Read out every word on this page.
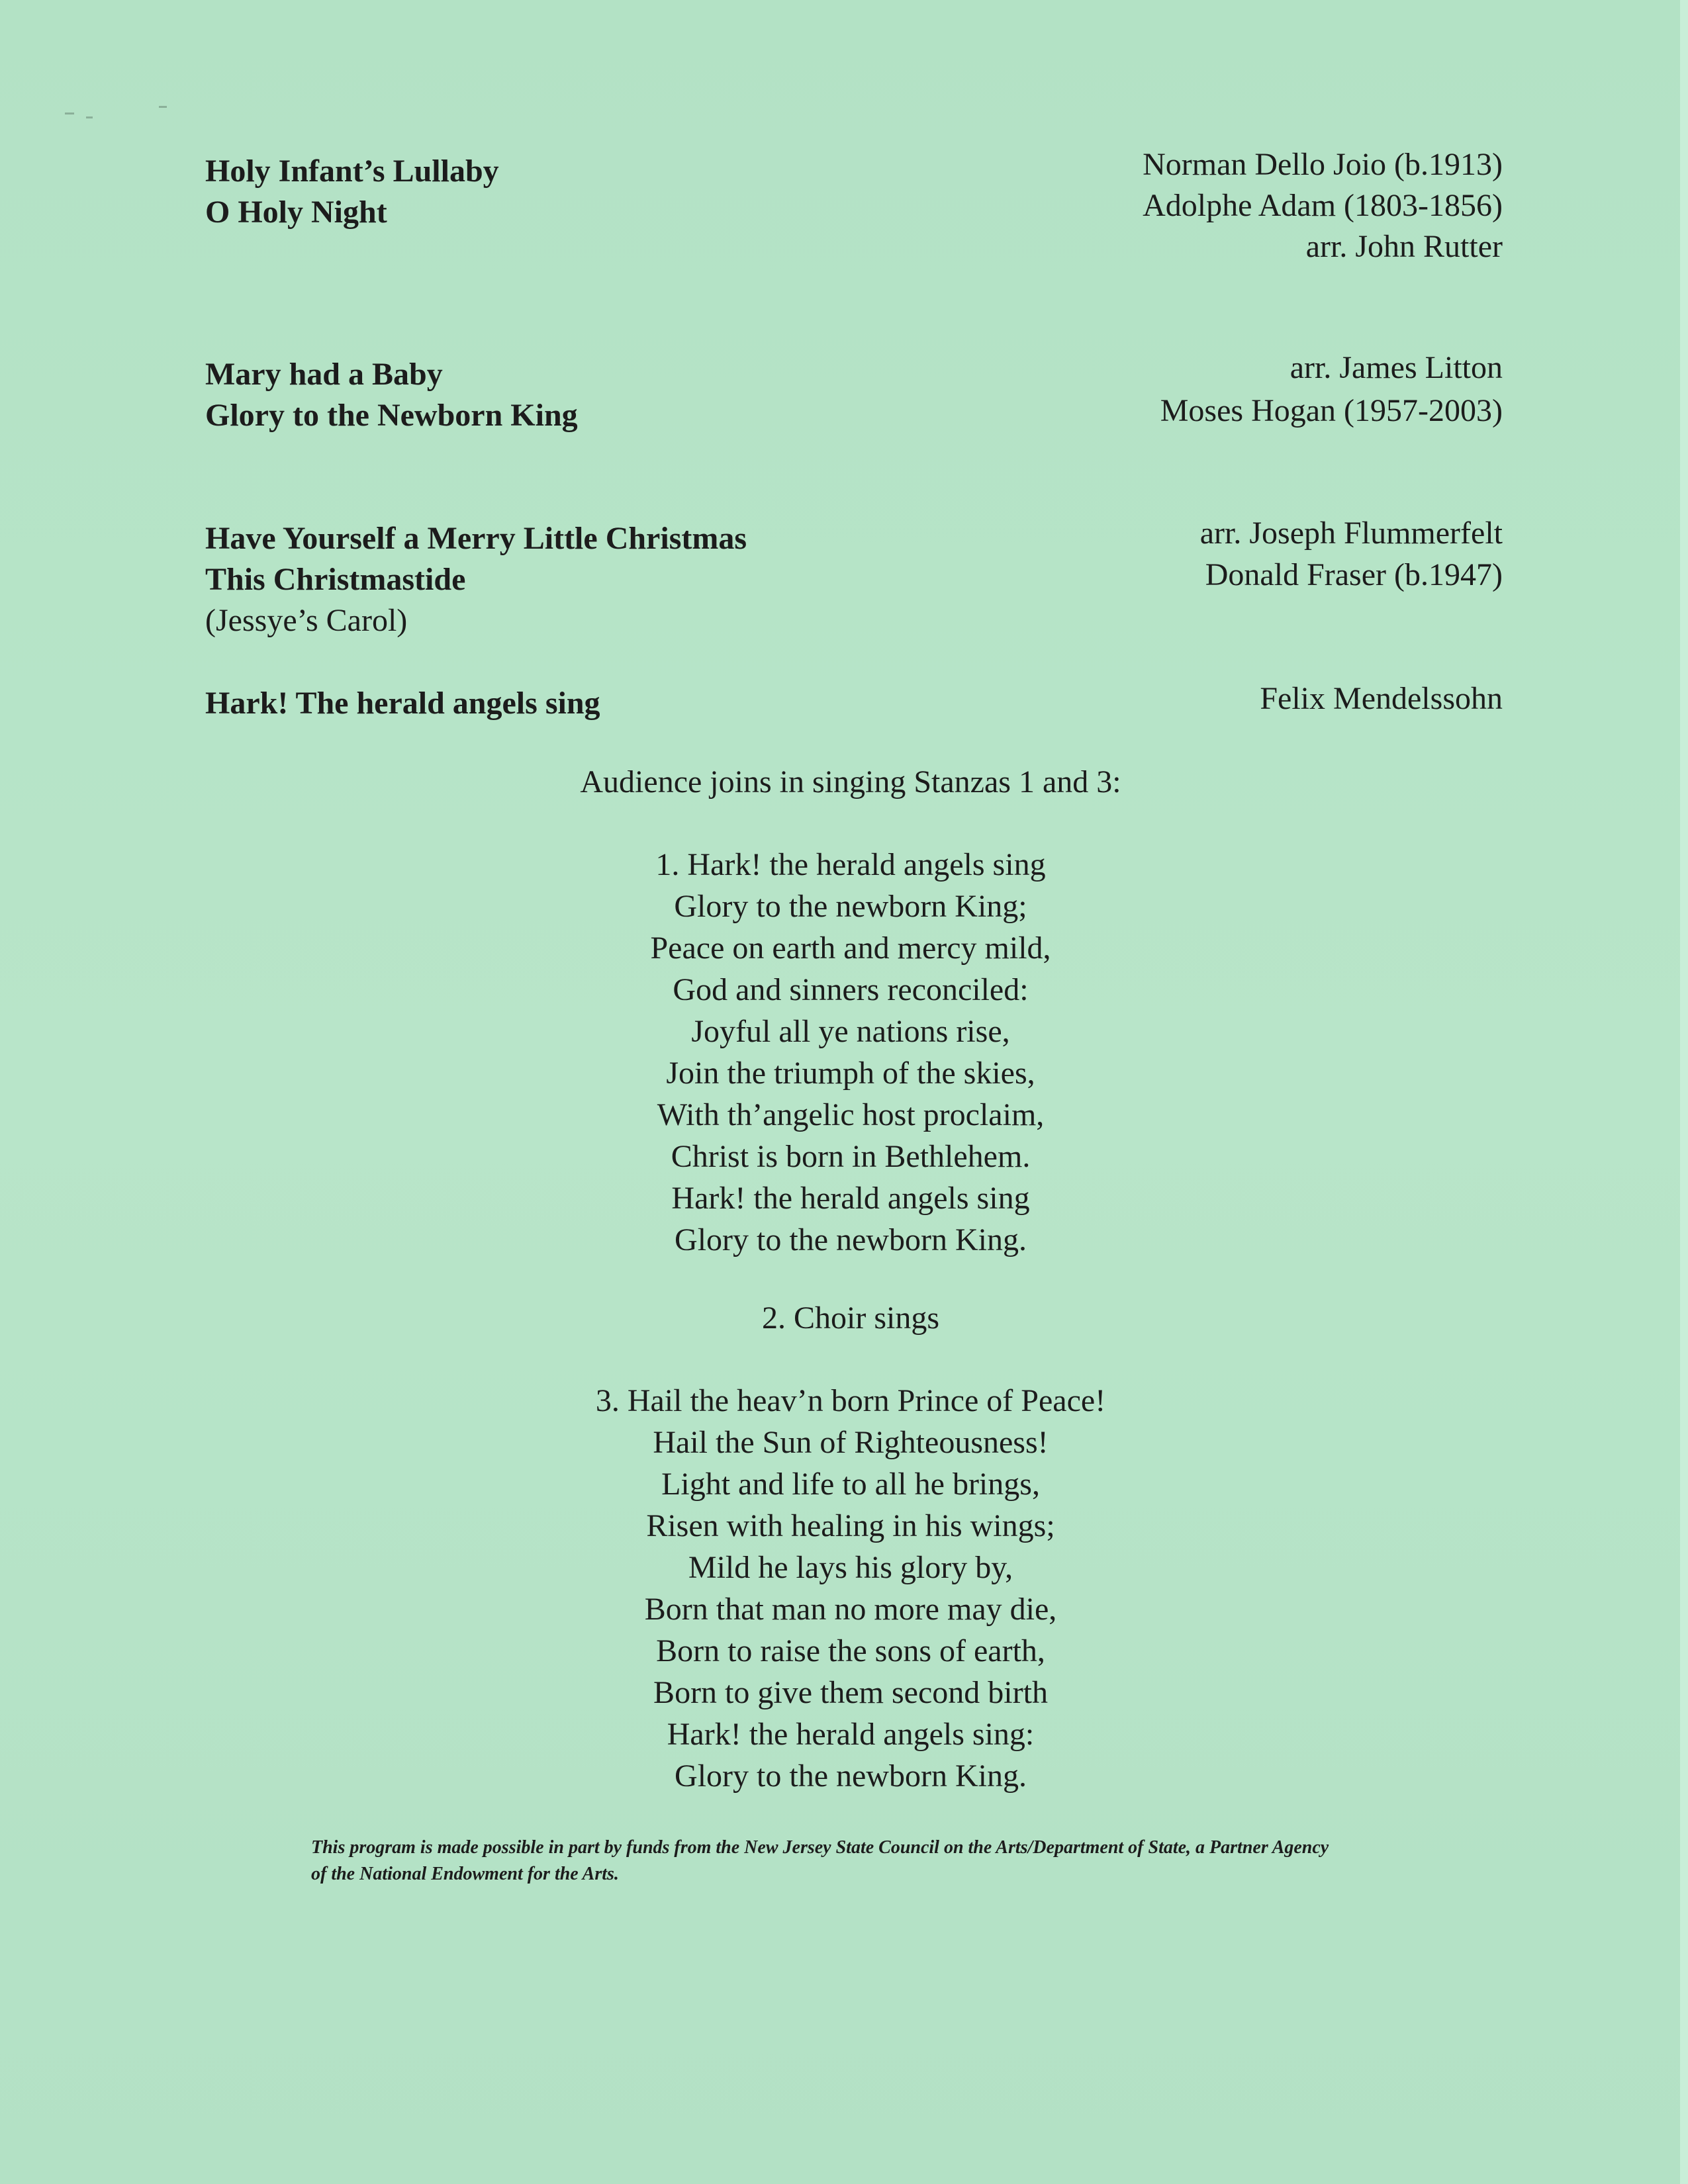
Holy Infant’s Lullaby
O Holy Night
Norman Dello Joio (b.1913)
Adolphe Adam (1803-1856)
arr. John Rutter
Mary had a Baby
Glory to the Newborn King
arr. James Litton
Moses Hogan (1957-2003)
Have Yourself a Merry Little Christmas
This Christmastide
(Jessye’s Carol)
arr. Joseph Flummerfelt
Donald Fraser (b.1947)
Hark! The herald angels sing	Felix Mendelssohn
Audience joins in singing Stanzas 1 and 3:
1. Hark! the herald angels sing
Glory to the newborn King;
Peace on earth and mercy mild,
God and sinners reconciled:
Joyful all ye nations rise,
Join the triumph of the skies,
With th’angelic host proclaim,
Christ is born in Bethlehem.
Hark! the herald angels sing
Glory to the newborn King.
2. Choir sings
3. Hail the heav’n born Prince of Peace!
Hail the Sun of Righteousness!
Light and life to all he brings,
Risen with healing in his wings;
Mild he lays his glory by,
Born that man no more may die,
Born to raise the sons of earth,
Born to give them second birth
Hark! the herald angels sing:
Glory to the newborn King.
This program is made possible in part by funds from the New Jersey State Council on the Arts/Department of State, a Partner Agency
of the National Endowment for the Arts.
